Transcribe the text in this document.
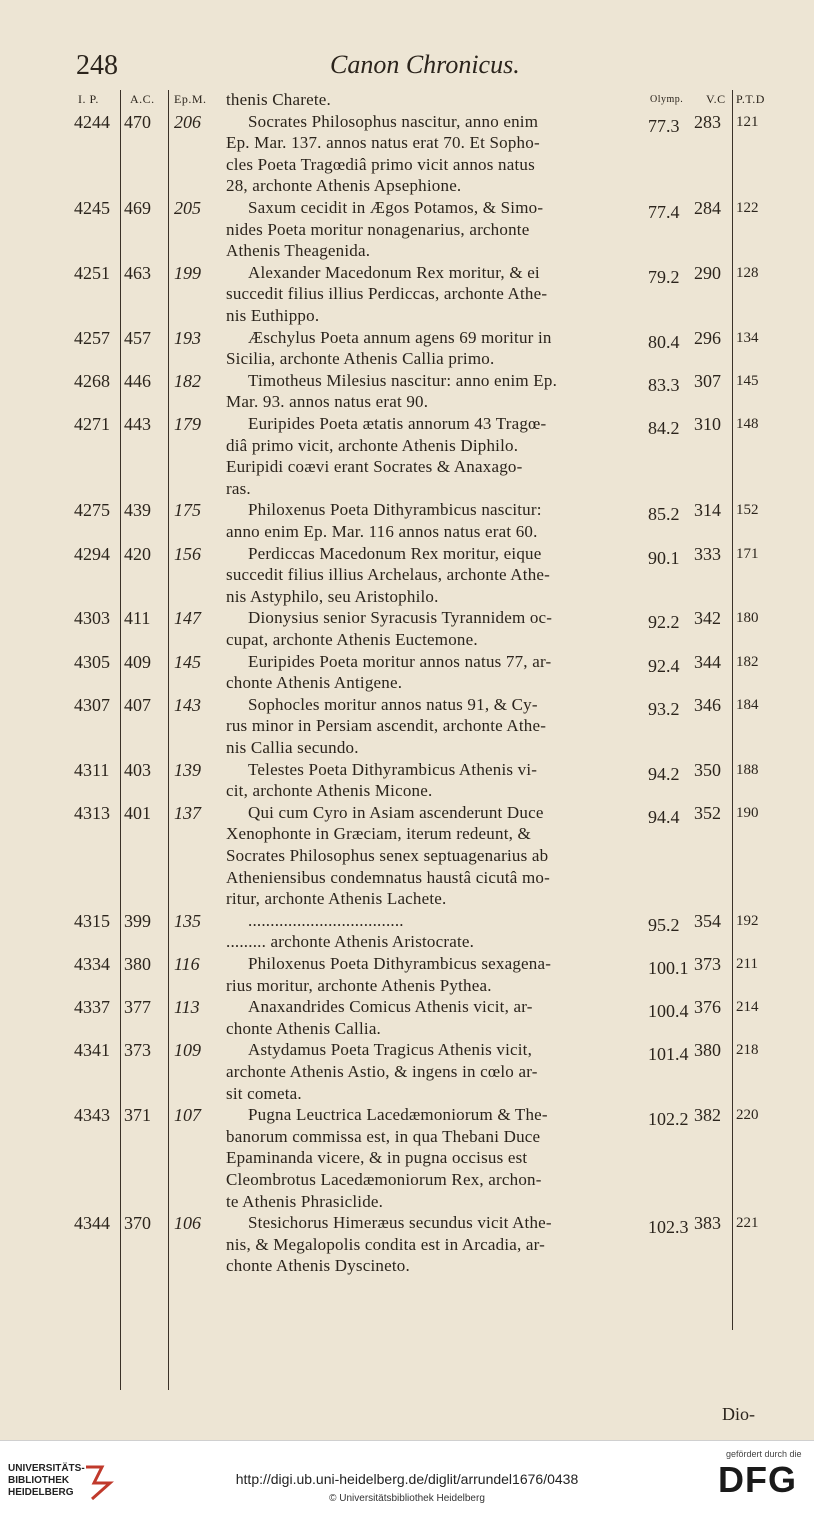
248	Canon Chronicus.
I. P.	A.C. Ep.M.	Olymp. V.C P.T.D
thenis Charete.
4244 470 206	77.3 283 121
Socrates Philosophus nascitur, anno enim
Ep. Mar. 137. annos natus erat 70. Et Sopho-
cles Poeta Tragœdiâ primo vicit annos natus
28, archonte Athenis Apsephione.
4245 469 205	77.4 284 122
Saxum cecidit in Ægos Potamos, & Simo-
nides Poeta moritur nonagenarius, archonte
Athenis Theagenida.
4251 463 199	79.2 290 128
Alexander Macedonum Rex moritur, & ei
succedit filius illius Perdiccas, archonte Athe-
nis Euthippo.
4257 457 193	80.4 296 134
Æschylus Poeta annum agens 69 moritur in
Sicilia, archonte Athenis Callia primo.
4268 446 182	83.3 307 145
Timotheus Milesius nascitur: anno enim Ep.
Mar. 93. annos natus erat 90.
4271 443 179	84.2 310 148
Euripides Poeta ætatis annorum 43 Tragœ-
diâ primo vicit, archonte Athenis Diphilo.
Euripidi coævi erant Socrates & Anaxago-
ras.
4275 439 175	85.2 314 152
Philoxenus Poeta Dithyrambicus nascitur:
anno enim Ep. Mar. 116 annos natus erat 60.
4294 420 156	90.1 333 171
Perdiccas Macedonum Rex moritur, eique
succedit filius illius Archelaus, archonte Athe-
nis Astyphilo, seu Aristophilo.
4303 411 147	92.2 342 180
Dionysius senior Syracusis Tyrannidem oc-
cupat, archonte Athenis Euctemone.
4305 409 145	92.4 344 182
Euripides Poeta moritur annos natus 77, ar-
chonte Athenis Antigene.
4307 407 143	93.2 346 184
Sophocles moritur annos natus 91, & Cy-
rus minor in Persiam ascendit, archonte Athe-
nis Callia secundo.
4311 403 139	94.2 350 188
Telestes Poeta Dithyrambicus Athenis vi-
cit, archonte Athenis Micone.
4313 401 137	94.4 352 190
Qui cum Cyro in Asiam ascenderunt Duce
Xenophonte in Græciam, iterum redeunt, &
Socrates Philosophus senex septuagenarius ab
Atheniensibus condemnatus haustâ cicutâ mo-
ritur, archonte Athenis Lachete.
4315 399 135	95.2 354 192
...................................
......... archonte Athenis Aristocrate.
4334 380 116	100.1 373 211
Philoxenus Poeta Dithyrambicus sexagena-
rius moritur, archonte Athenis Pythea.
4337 377 113	100.4 376 214
Anaxandrides Comicus Athenis vicit, ar-
chonte Athenis Callia.
4341 373 109	101.4 380 218
Astydamus Poeta Tragicus Athenis vicit,
archonte Athenis Astio, & ingens in cœlo ar-
sit cometa.
4343 371 107	102.2 382 220
Pugna Leuctrica Lacedæmoniorum & The-
banorum commissa est, in qua Thebani Duce
Epaminanda vicere, & in pugna occisus est
Cleombrotus Lacedæmoniorum Rex, archon-
te Athenis Phrasiclide.
4344 370 106	102.3 383 221
Stesichorus Himeræus secundus vicit Athe-
nis, & Megalopolis condita est in Arcadia, ar-
chonte Athenis Dyscineto.
Dio-
UNIVERSITÄTS-
BIBLIOTHEK
HEIDELBERG
http://digi.ub.uni-heidelberg.de/diglit/arrundel1676/0438
© Universitätsbibliothek Heidelberg
gefördert durch die
DFG
